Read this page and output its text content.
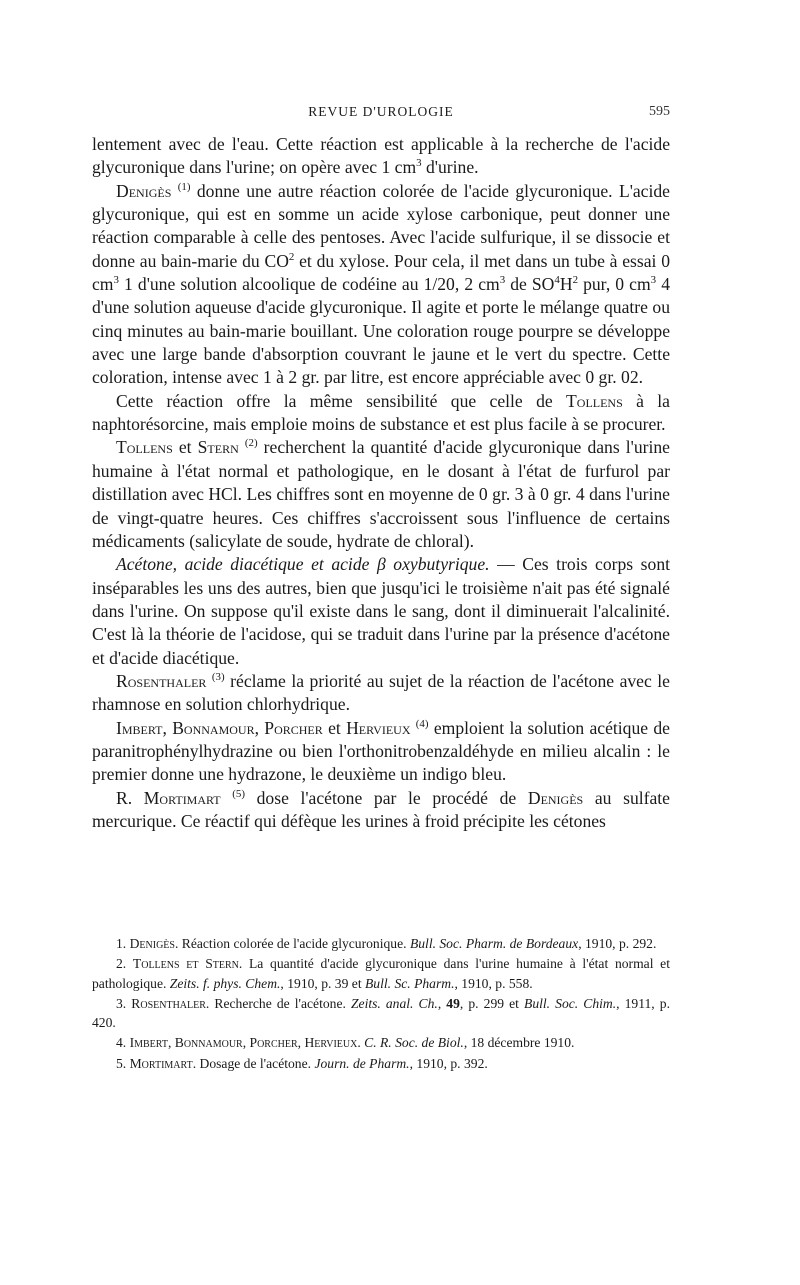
REVUE D'UROLOGIE	595

lentement avec de l'eau. Cette réaction est applicable à la recherche de l'acide glycuronique dans l'urine; on opère avec 1 $cm^3$ d'urine.

Denigès $^{(1)}$ donne une autre réaction colorée de l'acide glycuronique. L'acide glycuronique, qui est en somme un acide xylose carbonique, peut donner une réaction comparable à celle des pentoses. Avec l'acide sulfurique, il se dissocie et donne au bain-marie du $CO^2$ et du xylose. Pour cela, il met dans un tube à essai 0 $cm^3$ 1 d'une solution alcoolique de codéine au 1/20, 2 $cm^3$ de $SO^4H^2$ pur, 0 $cm^3$ 4 d'une solution aqueuse d'acide glycuronique. Il agite et porte le mélange quatre ou cinq minutes au bain-marie bouillant. Une coloration rouge pourpre se développe avec une large bande d'absorption couvrant le jaune et le vert du spectre. Cette coloration, intense avec 1 à 2 gr. par litre, est encore appréciable avec 0 gr. 02.

Cette réaction offre la même sensibilité que celle de Tollens à la naphtorésorcine, mais emploie moins de substance et est plus facile à se procurer.

Tollens et Stern $^{(2)}$ recherchent la quantité d'acide glycuronique dans l'urine humaine à l'état normal et pathologique, en le dosant à l'état de furfurol par distillation avec HCl. Les chiffres sont en moyenne de 0 gr. 3 à 0 gr. 4 dans l'urine de vingt-quatre heures. Ces chiffres s'accroissent sous l'influence de certains médicaments (salicylate de soude, hydrate de chloral).

Acétone, acide diacétique et acide β oxybutyrique. — Ces trois corps sont inséparables les uns des autres, bien que jusqu'ici le troisième n'ait pas été signalé dans l'urine. On suppose qu'il existe dans le sang, dont il diminuerait l'alcalinité. C'est là la théorie de l'acidose, qui se traduit dans l'urine par la présence d'acétone et d'acide diacétique.

Rosenthaler $^{(3)}$ réclame la priorité au sujet de la réaction de l'acétone avec le rhamnose en solution chlorhydrique.

Imbert, Bonnamour, Porcher et Hervieux $^{(4)}$ emploient la solution acétique de paranitrophénylhydrazine ou bien l'orthonitrobenzaldéhyde en milieu alcalin : le premier donne une hydrazone, le deuxième un indigo bleu.

R. Mortimart $^{(5)}$ dose l'acétone par le procédé de Denigès au sulfate mercurique. Ce réactif qui défèque les urines à froid précipite les cétones

1. Denigès. Réaction colorée de l'acide glycuronique. Bull. Soc. Pharm. de Bordeaux, 1910, p. 292.

2. Tollens et Stern. La quantité d'acide glycuronique dans l'urine humaine à l'état normal et pathologique. Zeits. f. phys. Chem., 1910, p. 39 et Bull. Sc. Pharm., 1910, p. 558.

3. Rosenthaler. Recherche de l'acétone. Zeits. anal. Ch., 49, p. 299 et Bull. Soc. Chim., 1911, p. 420.

4. Imbert, Bonnamour, Porcher, Hervieux. C. R. Soc. de Biol., 18 décembre 1910.

5. Mortimart. Dosage de l'acétone. Journ. de Pharm., 1910, p. 392.
